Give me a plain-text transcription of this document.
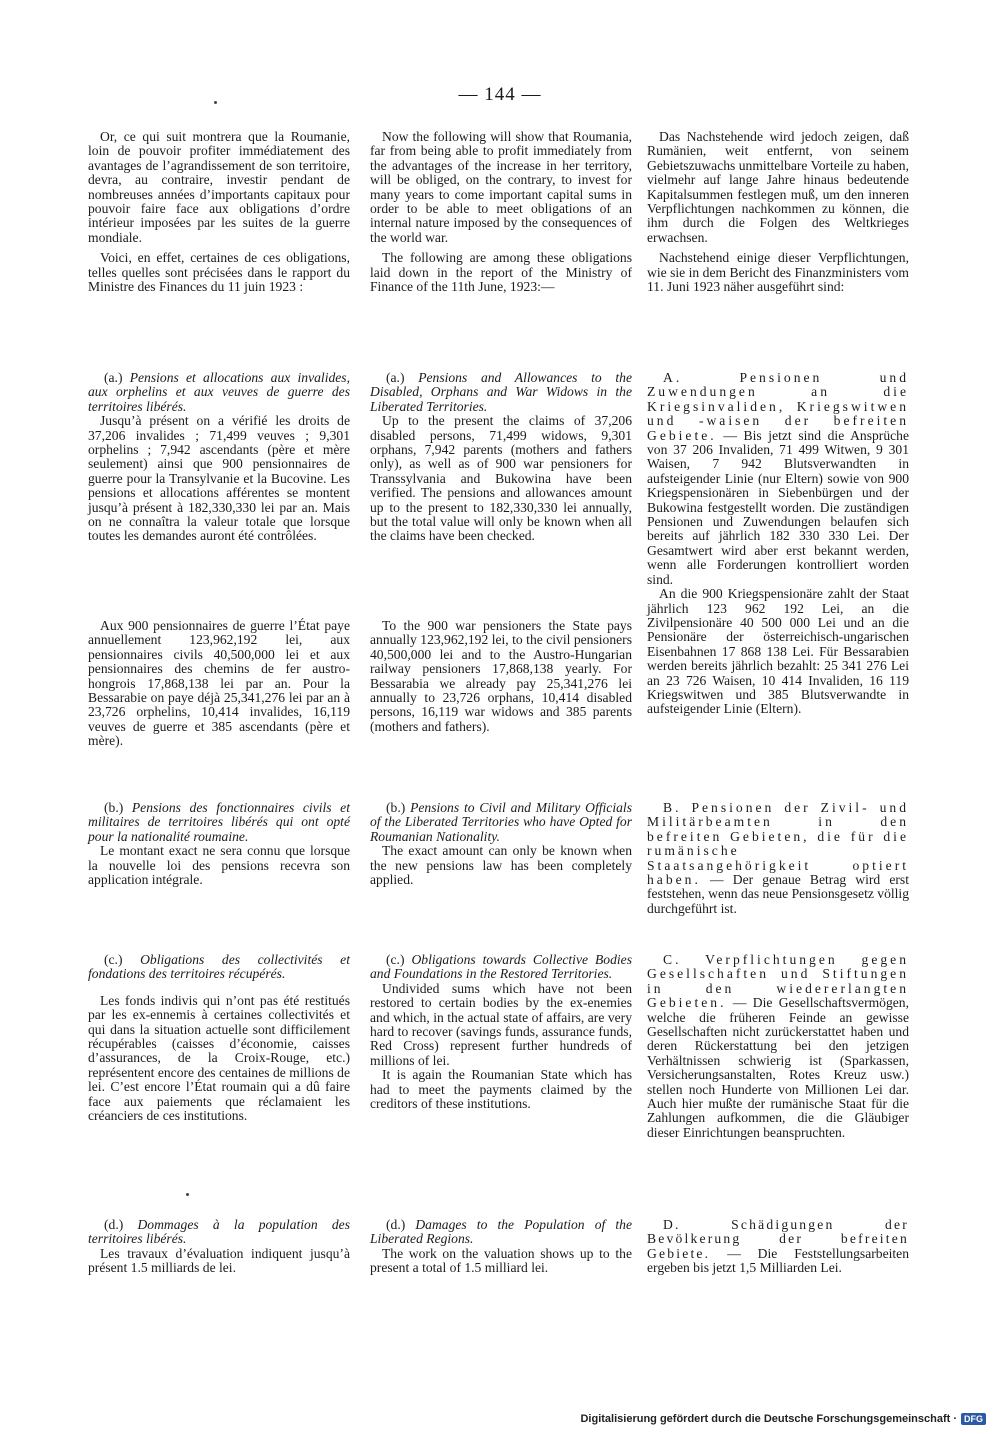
— 144 —

Or, ce qui suit montrera que la Roumanie, loin de pouvoir profiter immédiatement des avantages de l’agrandissement de son territoire, devra, au contraire, investir pendant de nombreuses années d’importants capitaux pour pouvoir faire face aux obligations d’ordre intérieur imposées par les suites de la guerre mondiale.

Voici, en effet, certaines de ces obligations, telles quelles sont précisées dans le rapport du Ministre des Finances du 11 juin 1923 :

(a.) Pensions et allocations aux invalides, aux orphelins et aux veuves de guerre des territoires libérés.

Jusqu’à présent on a vérifié les droits de 37,206 invalides ; 71,499 veuves ; 9,301 orphelins ; 7,942 ascendants (père et mère seulement) ainsi que 900 pensionnaires de guerre pour la Transylvanie et la Bucovine. Les pensions et allocations afférentes se montent jusqu’à présent à 182,330,330 lei par an. Mais on ne connaîtra la valeur totale que lorsque toutes les demandes auront été contrôlées.

Aux 900 pensionnaires de guerre l’État paye annuellement 123,962,192 lei, aux pensionnaires civils 40,500,000 lei et aux pensionnaires des chemins de fer austro-hongrois 17,868,138 lei par an. Pour la Bessarabie on paye déjà 25,341,276 lei par an à 23,726 orphelins, 10,414 invalides, 16,119 veuves de guerre et 385 ascendants (père et mère).

(b.) Pensions des fonctionnaires civils et militaires de territoires libérés qui ont opté pour la nationalité roumaine.

Le montant exact ne sera connu que lorsque la nouvelle loi des pensions recevra son application intégrale.

(c.) Obligations des collectivités et fondations des territoires récupérés.

Les fonds indivis qui n’ont pas été restitués par les ex-ennemis à certaines collectivités et qui dans la situation actuelle sont difficilement récupérables (caisses d’économie, caisses d’assurances, de la Croix-Rouge, etc.) représentent encore des centaines de millions de lei. C’est encore l’État roumain qui a dû faire face aux paiements que réclamaient les créanciers de ces institutions.

(d.) Dommages à la population des territoires libérés.

Les travaux d’évaluation indiquent jusqu’à présent 1.5 milliards de lei.

Now the following will show that Roumania, far from being able to profit immediately from the advantages of the increase in her territory, will be obliged, on the contrary, to invest for many years to come important capital sums in order to be able to meet obligations of an internal nature imposed by the consequences of the world war.

The following are among these obligations laid down in the report of the Ministry of Finance of the 11th June, 1923:—

(a.) Pensions and Allowances to the Disabled, Orphans and War Widows in the Liberated Territories.

Up to the present the claims of 37,206 disabled persons, 71,499 widows, 9,301 orphans, 7,942 parents (mothers and fathers only), as well as of 900 war pensioners for Transsylvania and Bukowina have been verified. The pensions and allowances amount up to the present to 182,330,330 lei annually, but the total value will only be known when all the claims have been checked.

To the 900 war pensioners the State pays annually 123,962,192 lei, to the civil pensioners 40,500,000 lei and to the Austro-Hungarian railway pensioners 17,868,138 yearly. For Bessarabia we already pay 25,341,276 lei annually to 23,726 orphans, 10,414 disabled persons, 16,119 war widows and 385 parents (mothers and fathers).

(b.) Pensions to Civil and Military Officials of the Liberated Territories who have Opted for Roumanian Nationality.

The exact amount can only be known when the new pensions law has been completely applied.

(c.) Obligations towards Collective Bodies and Foundations in the Restored Territories.

Undivided sums which have not been restored to certain bodies by the ex-enemies and which, in the actual state of affairs, are very hard to recover (savings funds, assurance funds, Red Cross) represent further hundreds of millions of lei.

It is again the Roumanian State which has had to meet the payments claimed by the creditors of these institutions.

(d.) Damages to the Population of the Liberated Regions.

The work on the valuation shows up to the present a total of 1.5 milliard lei.

Das Nachstehende wird jedoch zeigen, daß Rumänien, weit entfernt, von seinem Gebietszuwachs unmittelbare Vorteile zu haben, vielmehr auf lange Jahre hinaus bedeutende Kapitalsummen festlegen muß, um den inneren Verpflichtungen nachkommen zu können, die ihm durch die Folgen des Weltkrieges erwachsen.

Nachstehend einige dieser Verpflichtungen, wie sie in dem Bericht des Finanzministers vom 11. Juni 1923 näher ausgeführt sind:

A. Pensionen und Zuwendungen an die Kriegsinvaliden, Kriegswitwen und -waisen der befreiten Gebiete. — Bis jetzt sind die Ansprüche von 37 206 Invaliden, 71 499 Witwen, 9 301 Waisen, 7 942 Blutsverwandten in aufsteigender Linie (nur Eltern) sowie von 900 Kriegspensionären in Siebenbürgen und der Bukowina festgestellt worden. Die zuständigen Pensionen und Zuwendungen belaufen sich bereits auf jährlich 182 330 330 Lei. Der Gesamtwert wird aber erst bekannt werden, wenn alle Forderungen kontrolliert worden sind.

An die 900 Kriegspensionäre zahlt der Staat jährlich 123 962 192 Lei, an die Zivilpensionäre 40 500 000 Lei und an die Pensionäre der österreichisch-ungarischen Eisenbahnen 17 868 138 Lei. Für Bessarabien werden bereits jährlich bezahlt: 25 341 276 Lei an 23 726 Waisen, 10 414 Invaliden, 16 119 Kriegswitwen und 385 Blutsverwandte in aufsteigender Linie (Eltern).

B. Pensionen der Zivil- und Militärbeamten in den befreiten Gebieten, die für die rumänische Staatsangehörigkeit optiert haben. — Der genaue Betrag wird erst feststehen, wenn das neue Pensionsgesetz völlig durchgeführt ist.

C. Verpflichtungen gegen Gesellschaften und Stiftungen in den wiedererlangten Gebieten. — Die Gesellschaftsvermögen, welche die früheren Feinde an gewisse Gesellschaften nicht zurückerstattet haben und deren Rückerstattung bei den jetzigen Verhältnissen schwierig ist (Sparkassen, Versicherungsanstalten, Rotes Kreuz usw.) stellen noch Hunderte von Millionen Lei dar. Auch hier mußte der rumänische Staat für die Zahlungen aufkommen, die die Gläubiger dieser Einrichtungen beanspruchten.

D. Schädigungen der Bevölkerung der befreiten Gebiete. — Die Feststellungsarbeiten ergeben bis jetzt 1,5 Milliarden Lei.

Digitalisierung gefördert durch die Deutsche Forschungsgemeinschaft · DFG
